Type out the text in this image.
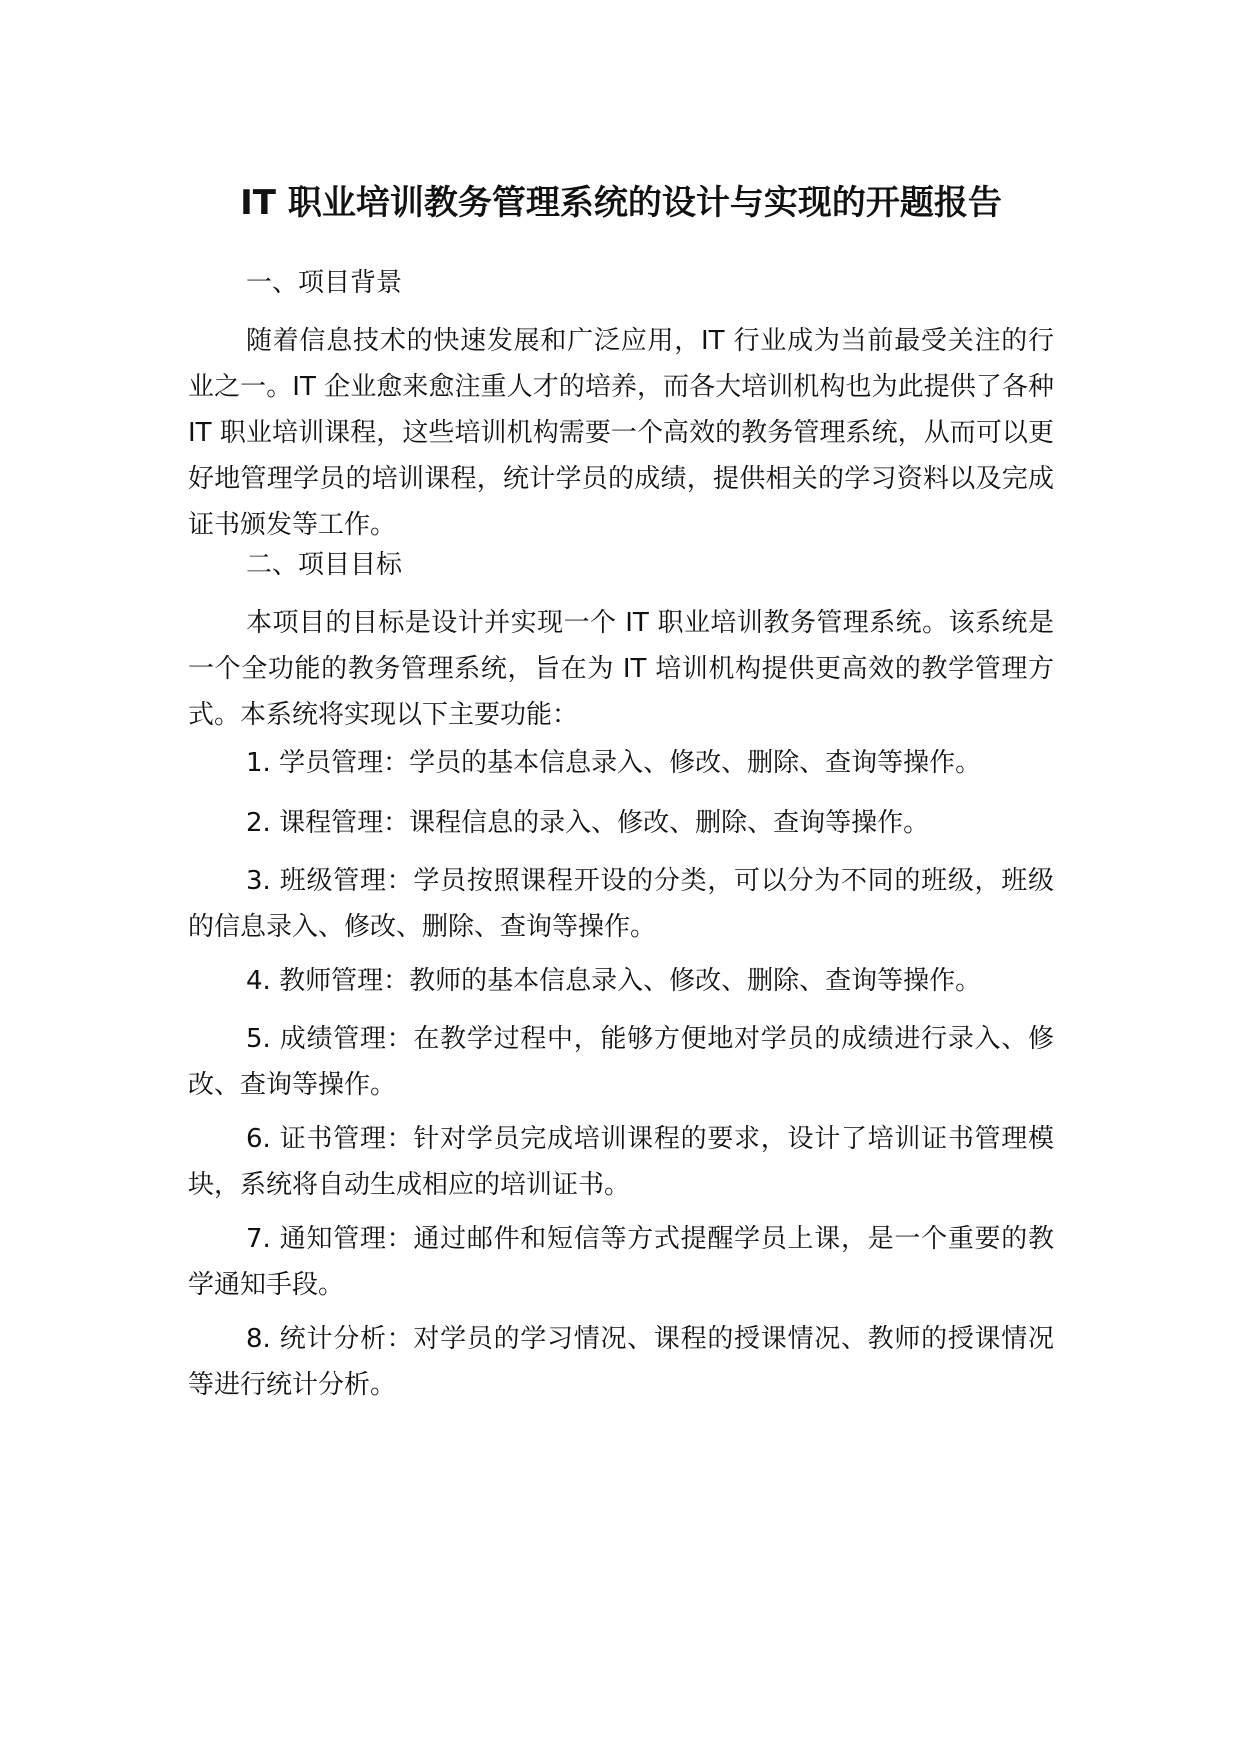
IT 职业培训教务管理系统的设计与实现的开题报告

一、项目背景

随着信息技术的快速发展和广泛应用，IT 行业成为当前最受关注的行业之一。IT 企业愈来愈注重人才的培养，而各大培训机构也为此提供了各种 IT 职业培训课程，这些培训机构需要一个高效的教务管理系统，从而可以更好地管理学员的培训课程，统计学员的成绩，提供相关的学习资料以及完成证书颁发等工作。

二、项目目标

本项目的目标是设计并实现一个 IT 职业培训教务管理系统。该系统是一个全功能的教务管理系统，旨在为 IT 培训机构提供更高效的教学管理方式。本系统将实现以下主要功能：

1. 学员管理：学员的基本信息录入、修改、删除、查询等操作。

2. 课程管理：课程信息的录入、修改、删除、查询等操作。

3. 班级管理：学员按照课程开设的分类，可以分为不同的班级，班级的信息录入、修改、删除、查询等操作。

4. 教师管理：教师的基本信息录入、修改、删除、查询等操作。

5. 成绩管理：在教学过程中，能够方便地对学员的成绩进行录入、修改、查询等操作。

6. 证书管理：针对学员完成培训课程的要求，设计了培训证书管理模块，系统将自动生成相应的培训证书。

7. 通知管理：通过邮件和短信等方式提醒学员上课，是一个重要的教学通知手段。

8. 统计分析：对学员的学习情况、课程的授课情况、教师的授课情况等进行统计分析。
